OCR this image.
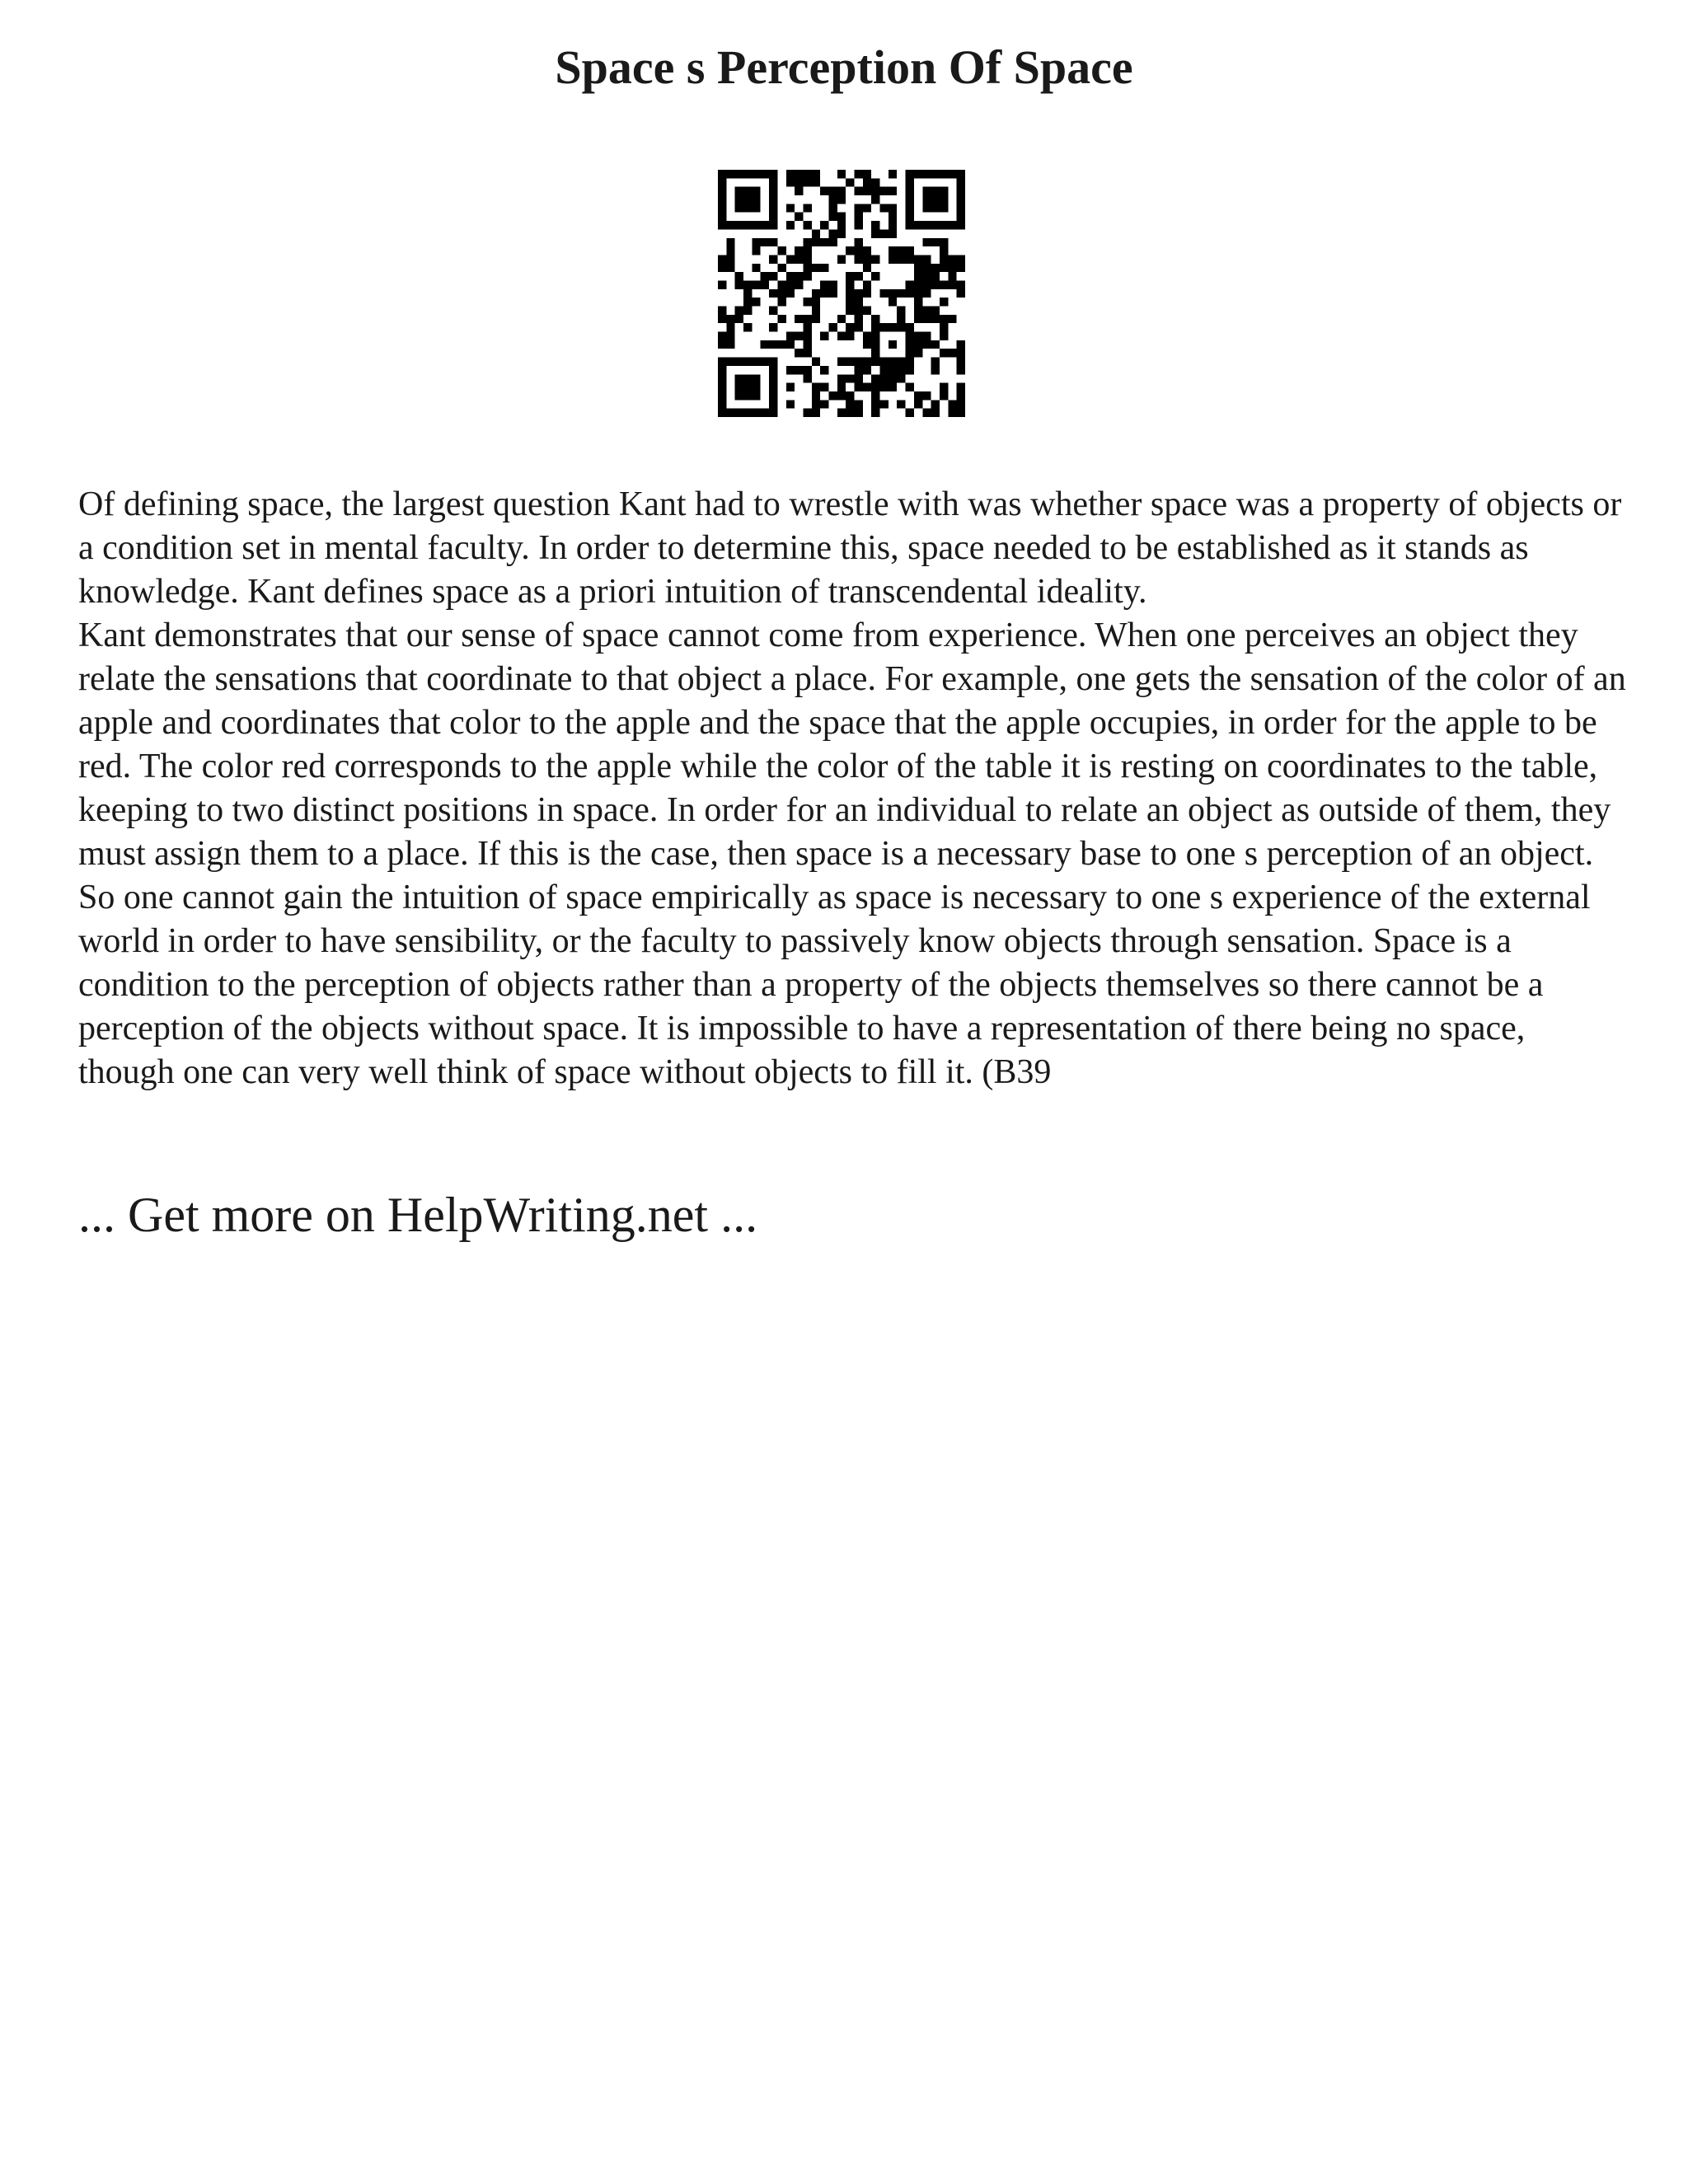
Space s Perception Of Space

Of defining space, the largest question Kant had to wrestle with was whether space was a property of objects or a condition set in mental faculty. In order to determine this, space needed to be established as it stands as knowledge. Kant defines space as a priori intuition of transcendental ideality.

Kant demonstrates that our sense of space cannot come from experience. When one perceives an object they relate the sensations that coordinate to that object a place. For example, one gets the sensation of the color of an apple and coordinates that color to the apple and the space that the apple occupies, in order for the apple to be red. The color red corresponds to the apple while the color of the table it is resting on coordinates to the table, keeping to two distinct positions in space. In order for an individual to relate an object as outside of them, they must assign them to a place. If this is the case, then space is a necessary base to one s perception of an object. So one cannot gain the intuition of space empirically as space is necessary to one s experience of the external world in order to have sensibility, or the faculty to passively know objects through sensation. Space is a condition to the perception of objects rather than a property of the objects themselves so there cannot be a perception of the objects without space. It is impossible to have a representation of there being no space, though one can very well think of space without objects to fill it. (B39

... Get more on HelpWriting.net ...
